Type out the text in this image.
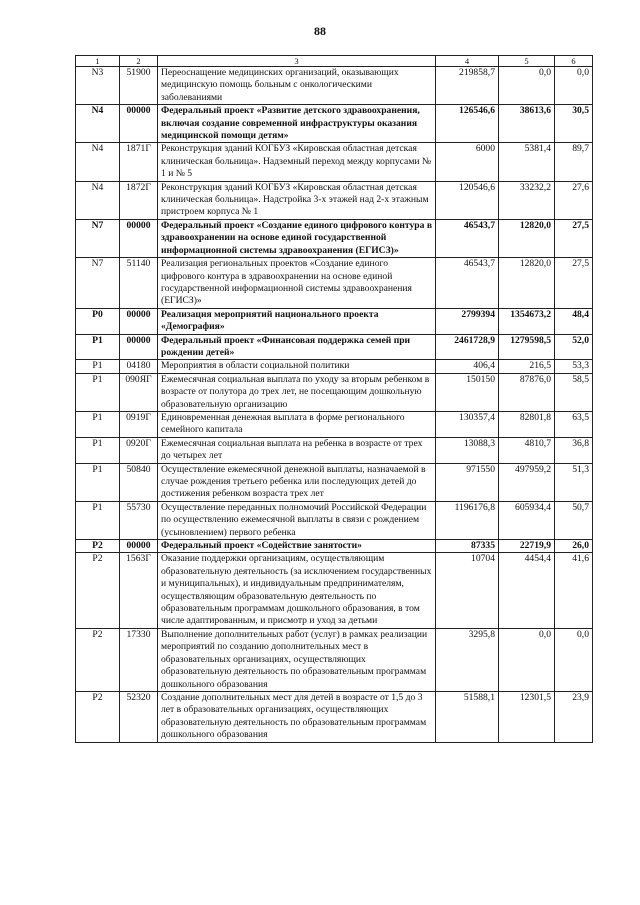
88
1	2	3	4	5	6
N3	51900	Переоснащение медицинских организаций, оказывающих медицинскую помощь больным с онкологическими заболеваниями	219858,7	0,0	0,0
N4	00000	Федеральный проект «Развитие детского здравоохранения, включая создание современной инфраструктуры оказания медицинской помощи детям»	126546,6	38613,6	30,5
N4	1871Г	Реконструкция зданий КОГБУЗ «Кировская областная детская клиническая больница». Надземный переход между корпусами № 1 и № 5	6000	5381,4	89,7
N4	1872Г	Реконструкция зданий КОГБУЗ «Кировская областная детская клиническая больница». Надстройка 3-х этажей над 2-х этажным пристроем корпуса № 1	120546,6	33232,2	27,6
N7	00000	Федеральный проект «Создание единого цифрового контура в здравоохранении на основе единой государственной информационной системы здравоохранения (ЕГИСЗ)»	46543,7	12820,0	27,5
N7	51140	Реализация региональных проектов «Создание единого цифрового контура в здравоохранении на основе единой государственной информационной системы здравоохранения (ЕГИСЗ)»	46543,7	12820,0	27,5
P0	00000	Реализация мероприятий национального проекта «Демография»	2799394	1354673,2	48,4
P1	00000	Федеральный проект «Финансовая поддержка семей при рождении детей»	2461728,9	1279598,5	52,0
P1	04180	Мероприятия в области социальной политики	406,4	216,5	53,3
P1	090ЯГ	Ежемесячная социальная выплата по уходу за вторым ребенком в возрасте от полутора до трех лет, не посещающим дошкольную образовательную организацию	150150	87876,0	58,5
P1	0919Г	Единовременная денежная выплата в форме регионального семейного капитала	130357,4	82801,8	63,5
P1	0920Г	Ежемесячная социальная выплата на ребенка в возрасте от трех до четырех лет	13088,3	4810,7	36,8
P1	50840	Осуществление ежемесячной денежной выплаты, назначаемой в случае рождения третьего ребенка или последующих детей до достижения ребенком возраста трех лет	971550	497959,2	51,3
P1	55730	Осуществление переданных полномочий Российской Федерации по осуществлению ежемесячной выплаты в связи с рождением (усыновлением) первого ребенка	1196176,8	605934,4	50,7
P2	00000	Федеральный проект «Содействие занятости»	87335	22719,9	26,0
P2	1563Г	Оказание поддержки организациям, осуществляющим образовательную деятельность (за исключением государственных и муниципальных), и индивидуальным предпринимателям, осуществляющим образовательную деятельность по образовательным программам дошкольного образования, в том числе адаптированным, и присмотр и уход за детьми	10704	4454,4	41,6
P2	17330	Выполнение дополнительных работ (услуг) в рамках реализации мероприятий по созданию дополнительных мест в образовательных организациях, осуществляющих образовательную деятельность по образовательным программам дошкольного образования	3295,8	0,0	0,0
P2	52320	Создание дополнительных мест для детей в возрасте от 1,5 до 3 лет в образовательных организациях, осуществляющих образовательную деятельность по образовательным программам дошкольного образования	51588,1	12301,5	23,9
